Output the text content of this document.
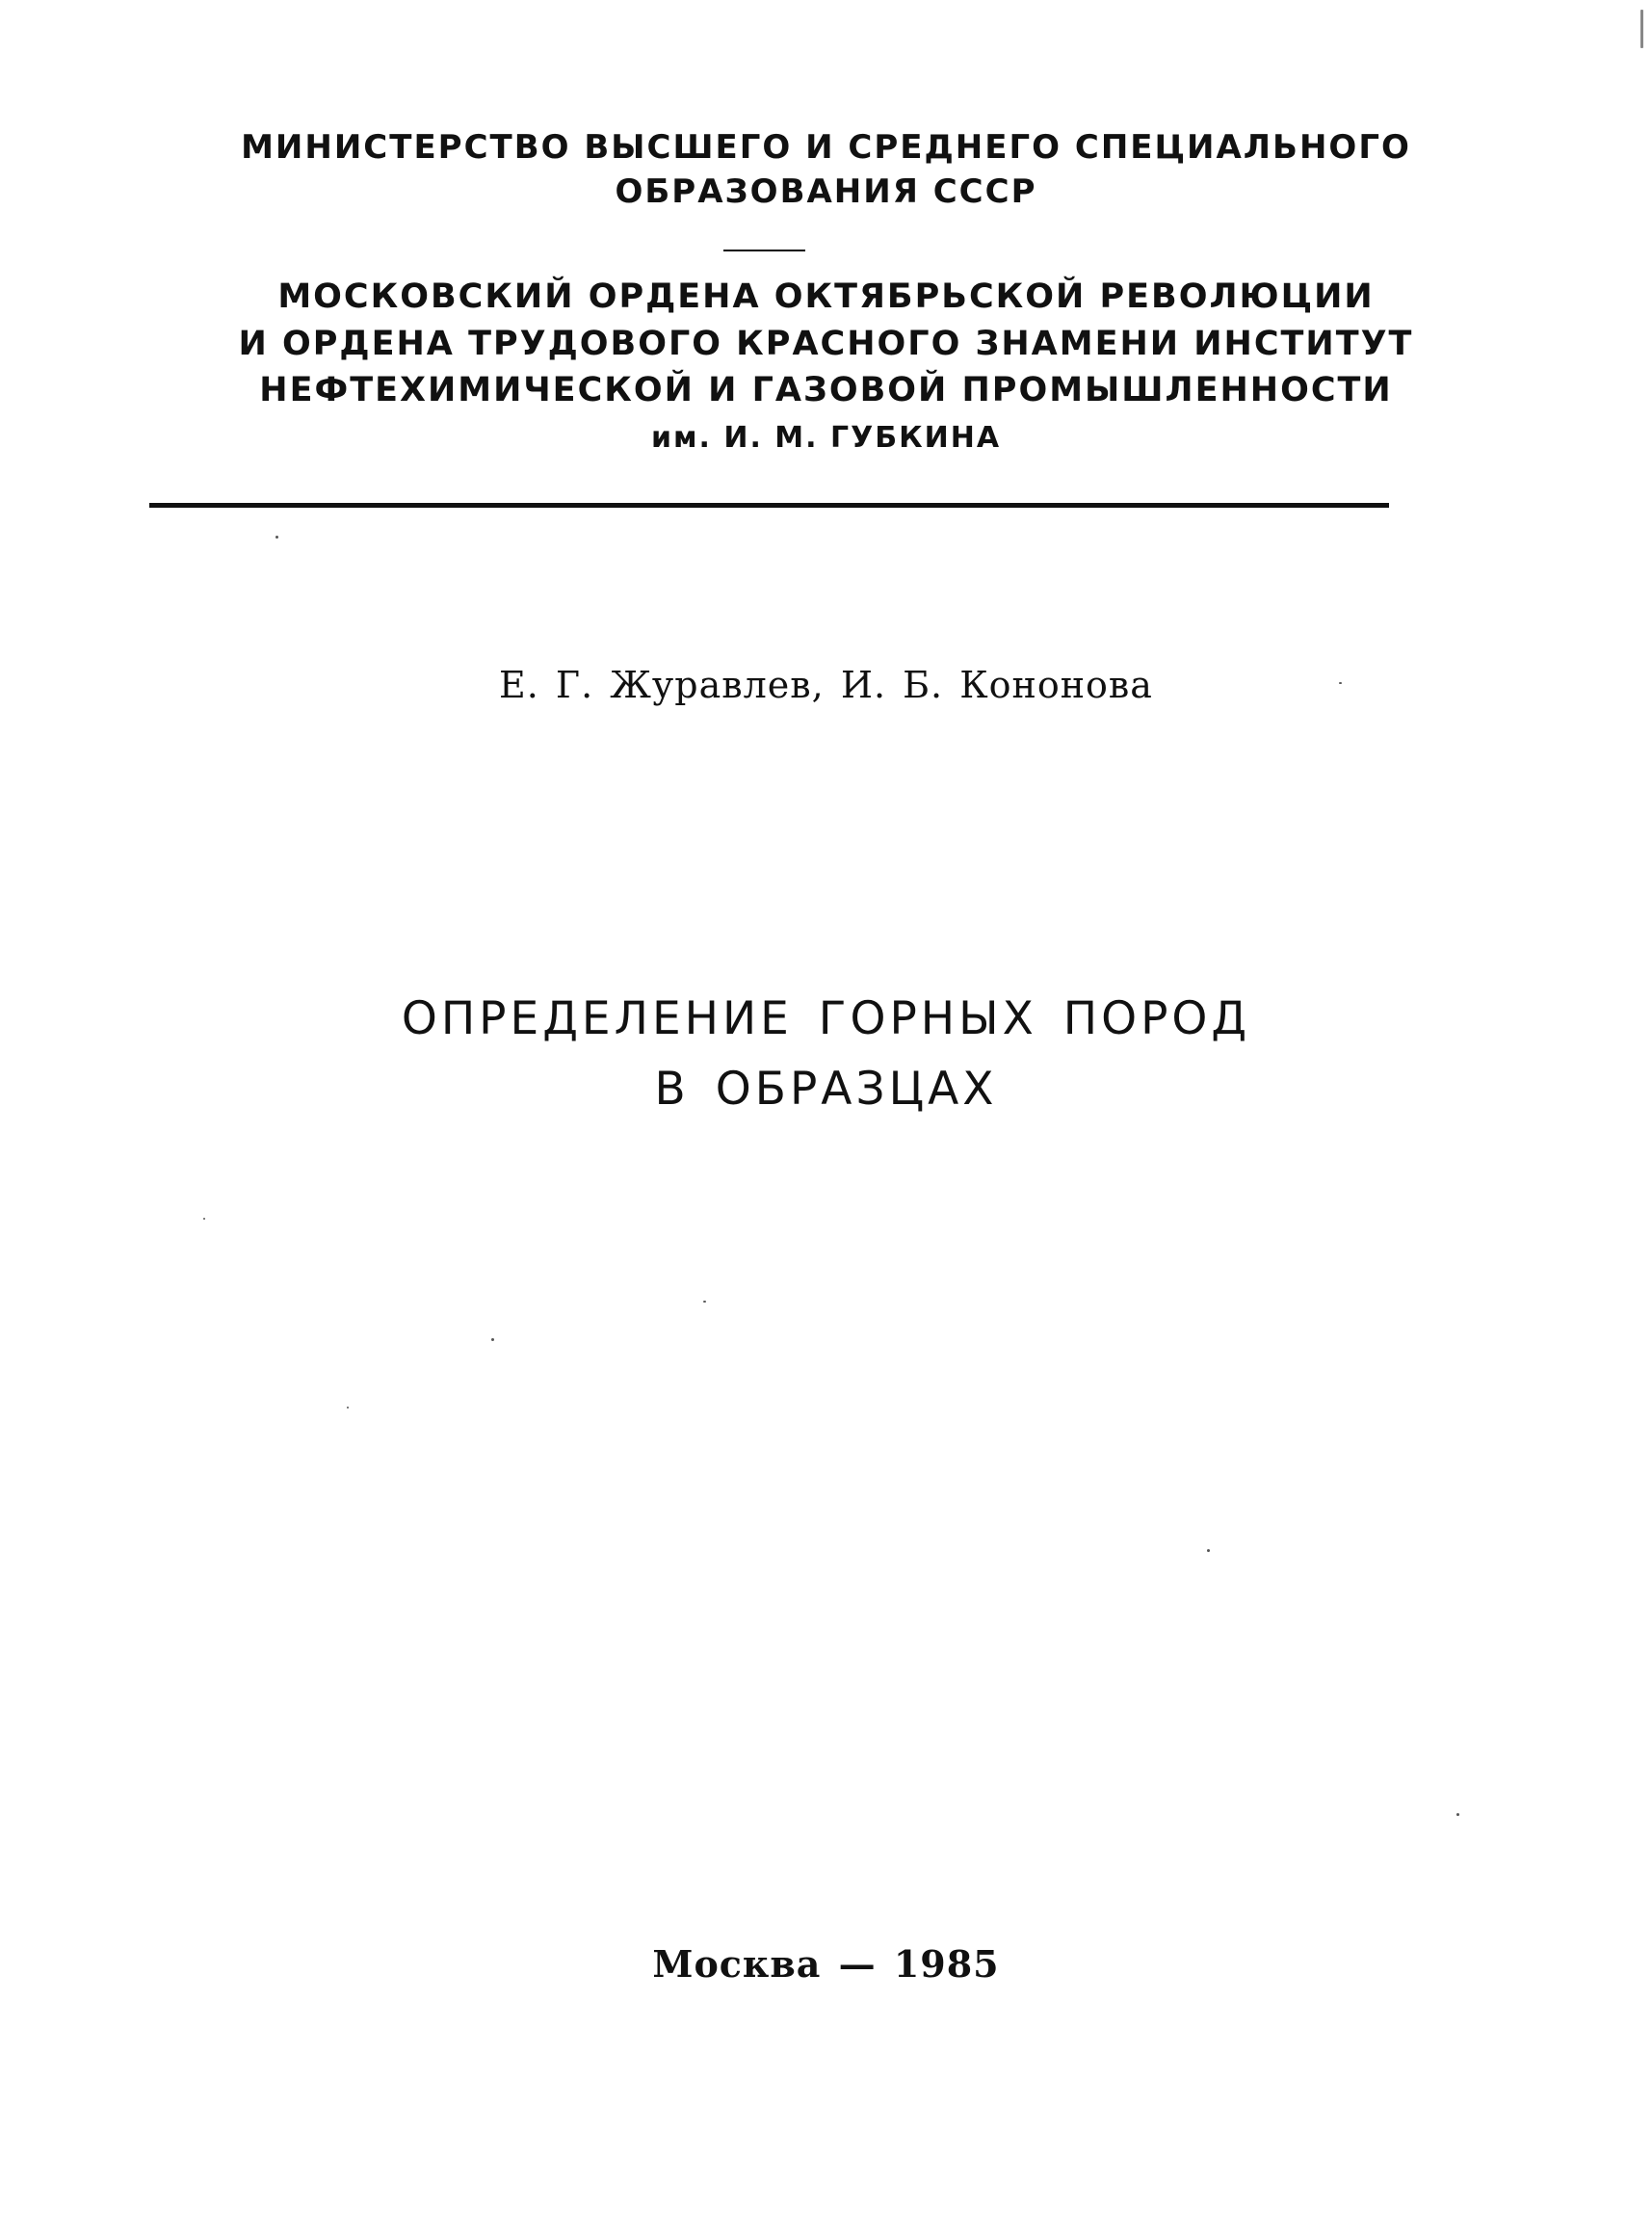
МИНИСТЕРСТВО ВЫСШЕГО И СРЕДНЕГО СПЕЦИАЛЬНОГО
ОБРАЗОВАНИЯ СССР
МОСКОВСКИЙ ОРДЕНА ОКТЯБРЬСКОЙ РЕВОЛЮЦИИ
И ОРДЕНА ТРУДОВОГО КРАСНОГО ЗНАМЕНИ ИНСТИТУТ
НЕФТЕХИМИЧЕСКОЙ И ГАЗОВОЙ ПРОМЫШЛЕННОСТИ
им. И. М. ГУБКИНА
Е. Г. Журавлев, И. Б. Кононова
ОПРЕДЕЛЕНИЕ ГОРНЫХ ПОРОД
В ОБРАЗЦАХ
Москва — 1985
